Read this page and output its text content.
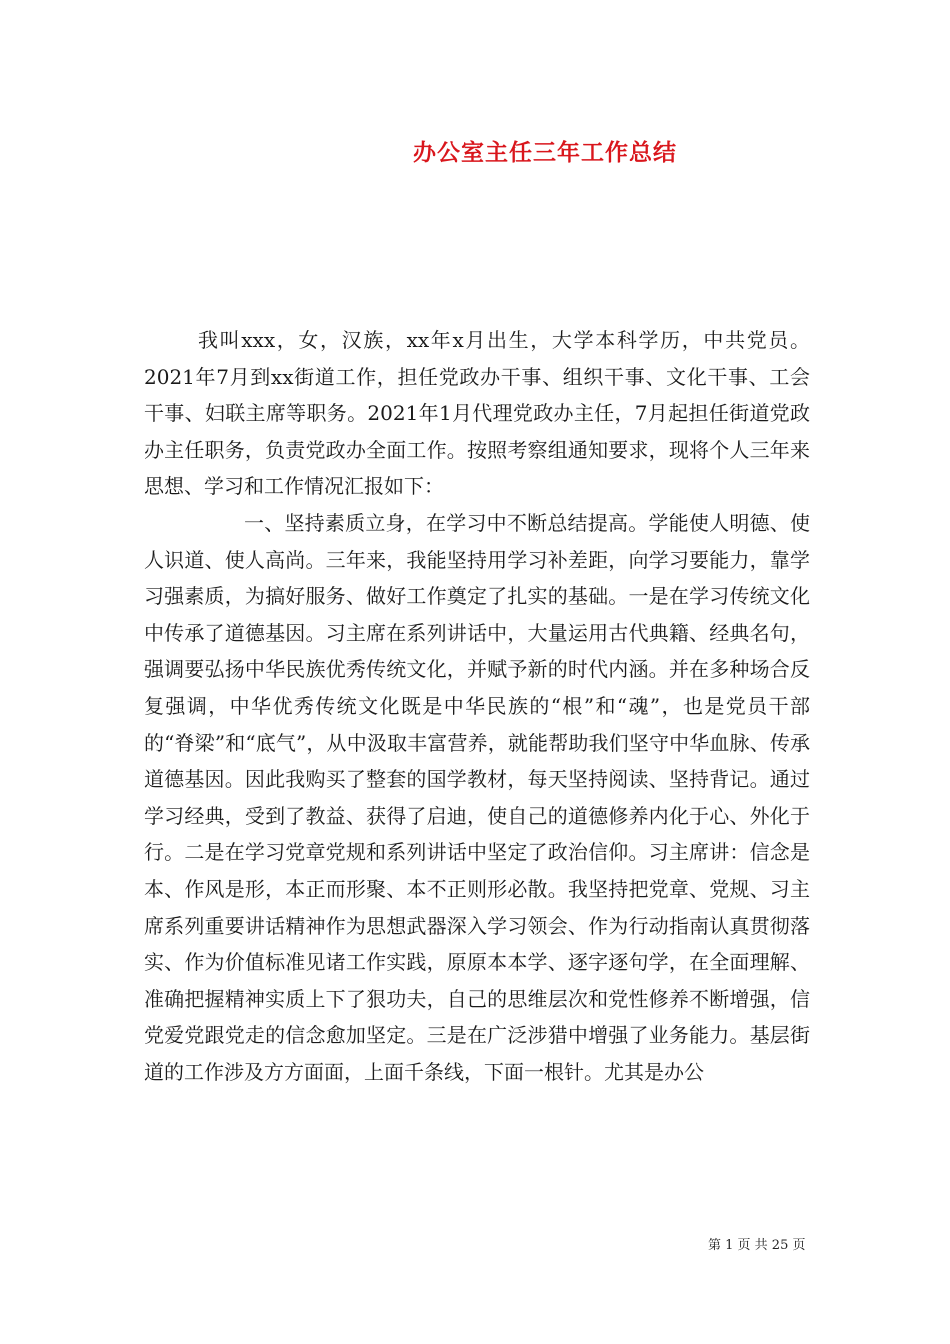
办公室主任三年工作总结

我叫xxx，女，汉族，xx年x月出生，大学本科学历，中共党员。2021年7月到xx街道工作，担任党政办干事、组织干事、文化干事、工会干事、妇联主席等职务。2021年1月代理党政办主任，7月起担任街道党政办主任职务，负责党政办全面工作。按照考察组通知要求，现将个人三年来思想、学习和工作情况汇报如下：

一、坚持素质立身，在学习中不断总结提高。学能使人明德、使人识道、使人高尚。三年来，我能坚持用学习补差距，向学习要能力，靠学习强素质，为搞好服务、做好工作奠定了扎实的基础。一是在学习传统文化中传承了道德基因。习主席在系列讲话中，大量运用古代典籍、经典名句，强调要弘扬中华民族优秀传统文化，并赋予新的时代内涵。并在多种场合反复强调，中华优秀传统文化既是中华民族的“根”和“魂”，也是党员干部的“脊梁”和“底气”，从中汲取丰富营养，就能帮助我们坚守中华血脉、传承道德基因。因此我购买了整套的国学教材，每天坚持阅读、坚持背记。通过学习经典，受到了教益、获得了启迪，使自己的道德修养内化于心、外化于行。二是在学习党章党规和系列讲话中坚定了政治信仰。习主席讲：信念是本、作风是形，本正而形聚、本不正则形必散。我坚持把党章、党规、习主席系列重要讲话精神作为思想武器深入学习领会、作为行动指南认真贯彻落实、作为价值标准见诸工作实践，原原本本学、逐字逐句学，在全面理解、准确把握精神实质上下了狠功夫，自己的思维层次和党性修养不断增强，信党爱党跟党走的信念愈加坚定。三是在广泛涉猎中增强了业务能力。基层街道的工作涉及方方面面，上面千条线，下面一根针。尤其是办公

第 1 页 共 25 页
